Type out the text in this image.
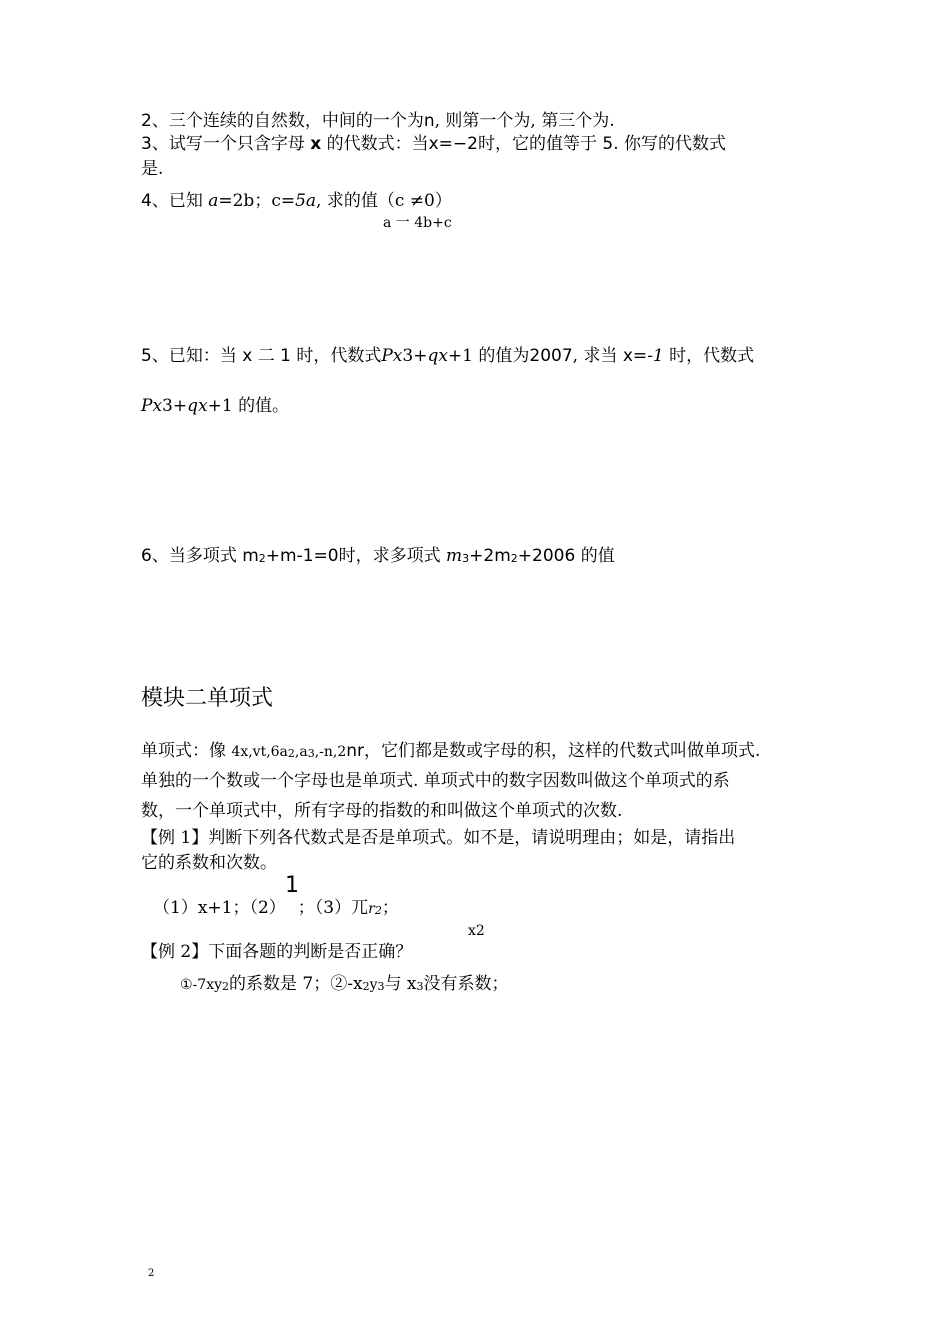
2、三个连续的自然数，中间的一个为n, 则第一个为, 第三个为.
3、试写一个只含字母 x 的代数式：当x=−2时，它的值等于 5. 你写的代数式
是.
4、已知 a=2b；c=5a, 求的值（c ≠0）
a 一 4b+c
5、已知：当 x 二 1 时，代数式Px3+qx+1 的值为2007, 求当 x=-1 时，代数式
Px3+qx+1 的值。
6、当多项式 m2+m-1=0时，求多项式 m3+2m2+2006 的值
模块二单项式
单项式：像 4x,vt,6a2,a3,-n,2nr，它们都是数或字母的积，这样的代数式叫做单项式.
单独的一个数或一个字母也是单项式. 单项式中的数字因数叫做这个单项式的系
数，一个单项式中，所有字母的指数的和叫做这个单项式的次数.
【例 1】判断下列各代数式是否是单项式。如不是，请说明理由；如是，请指出
它的系数和次数。
1
（1）x+1；（2） ；（3）兀r2；
x2
【例 2】下面各题的判断是否正确？
①-7xy2的系数是 7；②-x2y3与 x3没有系数；
2
